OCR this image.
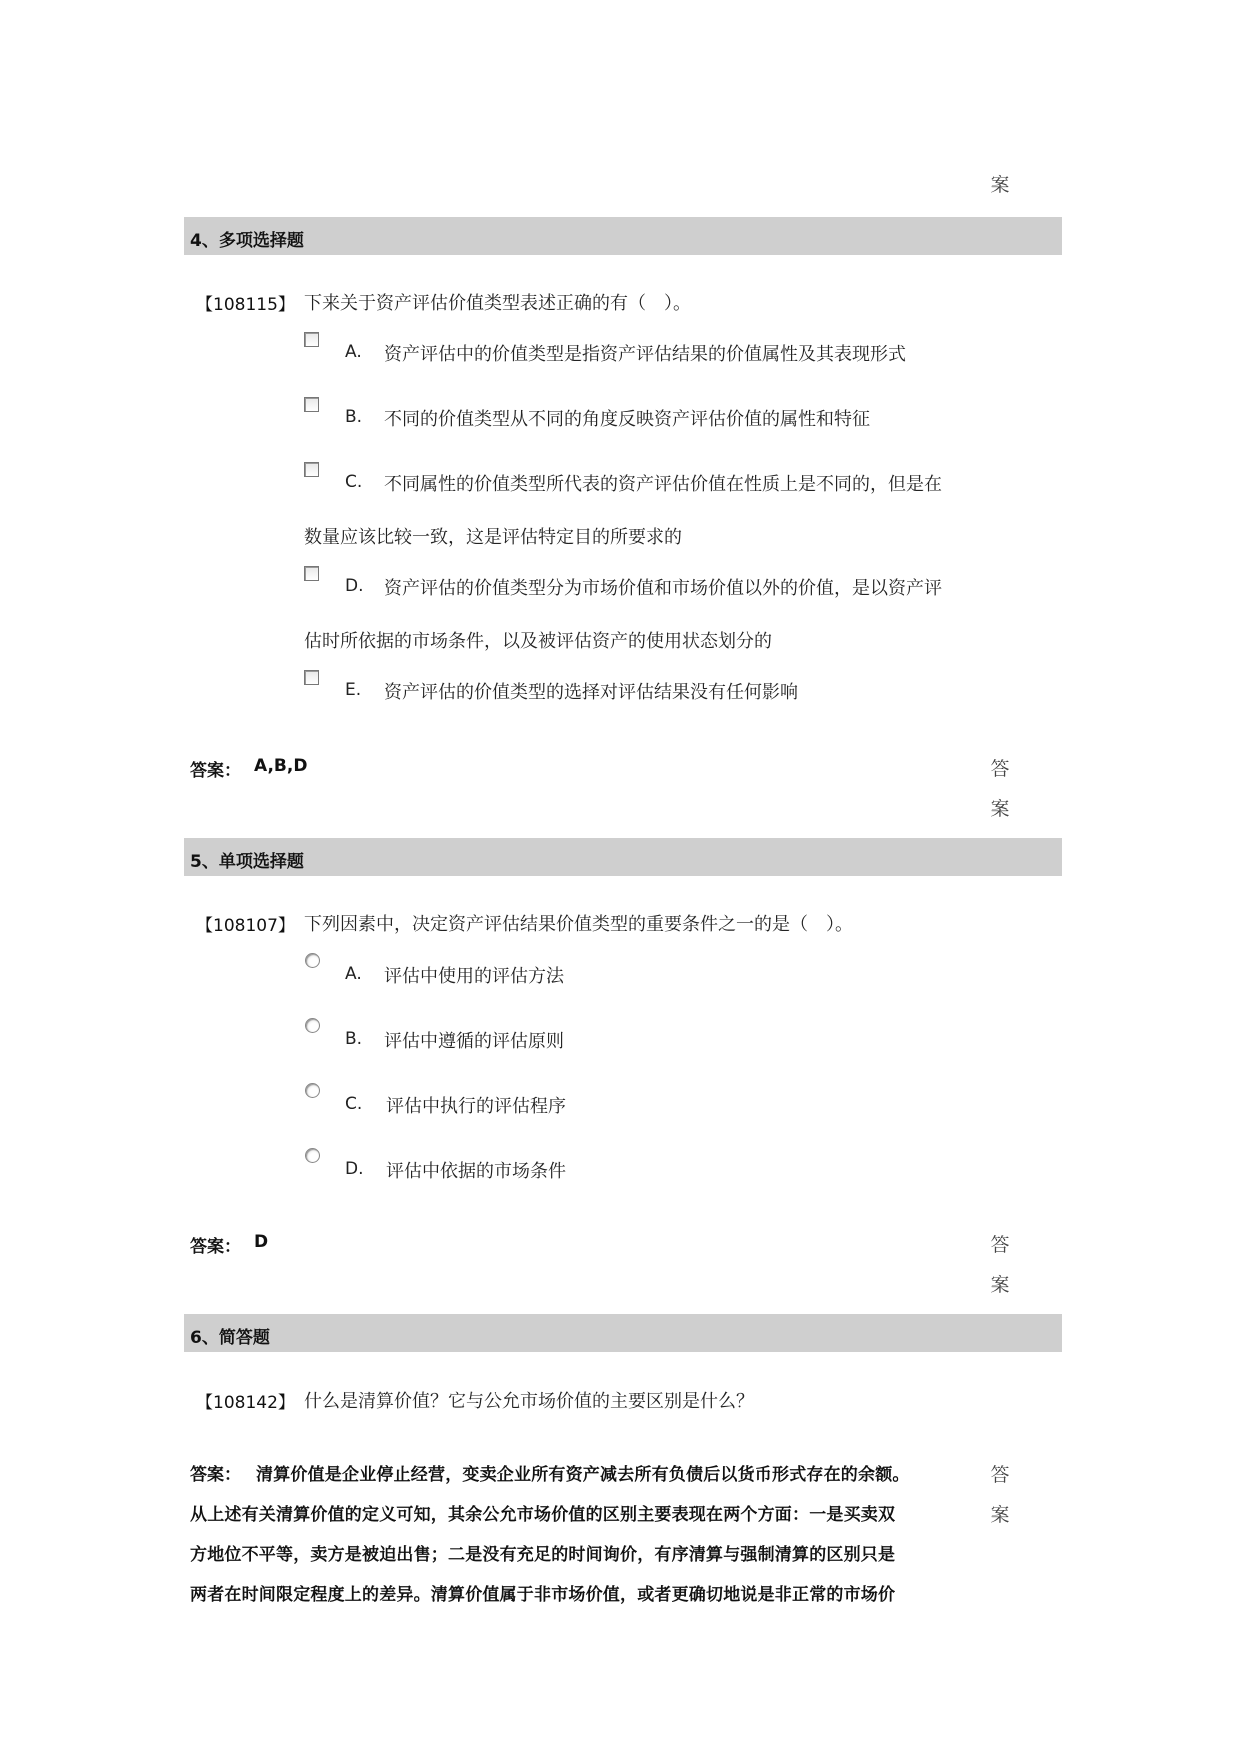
案
4、多项选择题
【108115】 下来关于资产评估价值类型表述正确的有（　）。
A. 资产评估中的价值类型是指资产评估结果的价值属性及其表现形式
B. 不同的价值类型从不同的角度反映资产评估价值的属性和特征
C. 不同属性的价值类型所代表的资产评估价值在性质上是不同的，但是在
数量应该比较一致，这是评估特定目的所要求的
D. 资产评估的价值类型分为市场价值和市场价值以外的价值，是以资产评
估时所依据的市场条件，以及被评估资产的使用状态划分的
E. 资产评估的价值类型的选择对评估结果没有任何影响
答案： A,B,D	答
案
5、单项选择题
【108107】 下列因素中，决定资产评估结果价值类型的重要条件之一的是（　）。
A. 评估中使用的评估方法
B. 评估中遵循的评估原则
C. 评估中执行的评估程序
D. 评估中依据的市场条件
答案： D	答
案
6、简答题
【108142】 什么是清算价值？它与公允市场价值的主要区别是什么？
答案： 清算价值是企业停止经营，变卖企业所有资产减去所有负债后以货币形式存在的余额。
从上述有关清算价值的定义可知，其余公允市场价值的区别主要表现在两个方面：一是买卖双
方地位不平等，卖方是被迫出售；二是没有充足的时间询价，有序清算与强制清算的区别只是
两者在时间限定程度上的差异。清算价值属于非市场价值，或者更确切地说是非正常的市场价
答
案
